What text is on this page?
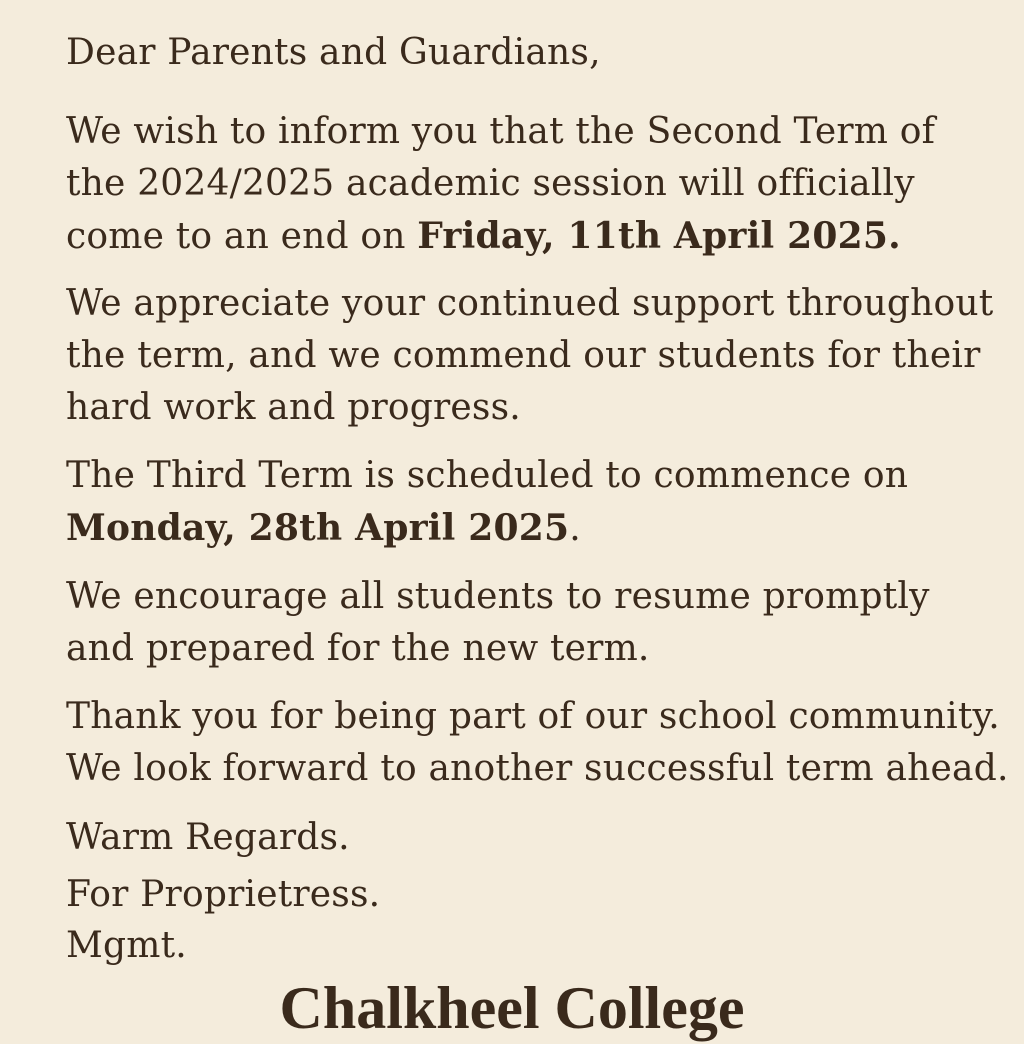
Dear Parents and Guardians,
We wish to inform you that the Second Term of
the 2024/2025 academic session will officially
come to an end on Friday, 11th April 2025.
We appreciate your continued support throughout
the term, and we commend our students for their
hard work and progress.
The Third Term is scheduled to commence on
Monday, 28th April 2025.
We encourage all students to resume promptly
and prepared for the new term.
Thank you for being part of our school community.
We look forward to another successful term ahead.
Warm Regards.
For Proprietress.
Mgmt.
Chalkheel College
